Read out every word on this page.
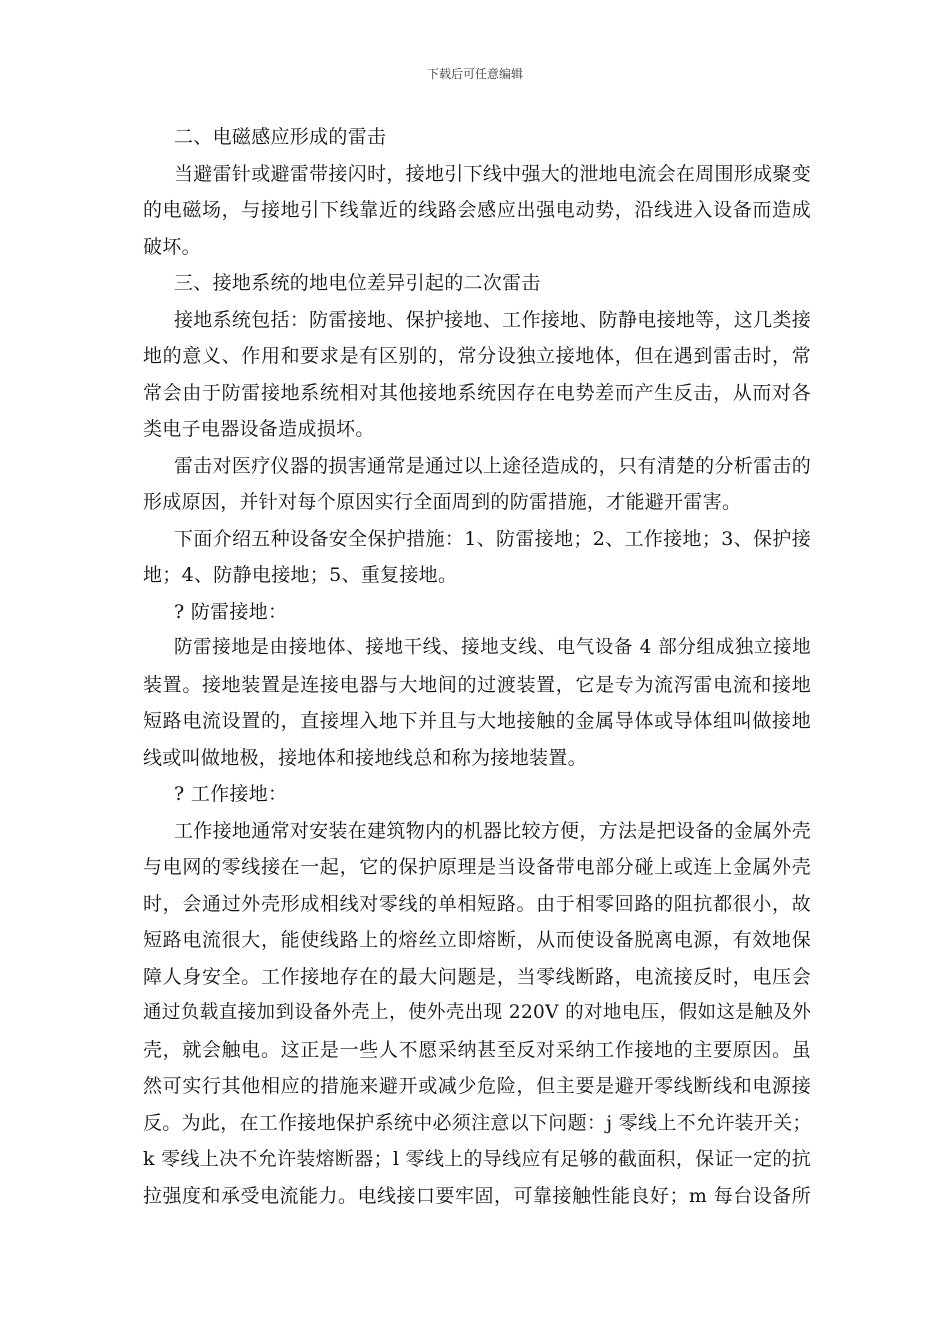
下载后可任意编辑
二、电磁感应形成的雷击
当避雷针或避雷带接闪时，接地引下线中强大的泄地电流会在周围形成聚变
的电磁场，与接地引下线靠近的线路会感应出强电动势，沿线进入设备而造成
破坏。
三、接地系统的地电位差异引起的二次雷击
接地系统包括：防雷接地、保护接地、工作接地、防静电接地等，这几类接
地的意义、作用和要求是有区别的，常分设独立接地体，但在遇到雷击时，常
常会由于防雷接地系统相对其他接地系统因存在电势差而产生反击，从而对各
类电子电器设备造成损坏。
雷击对医疗仪器的损害通常是通过以上途径造成的，只有清楚的分析雷击的
形成原因，并针对每个原因实行全面周到的防雷措施，才能避开雷害。
下面介绍五种设备安全保护措施：1、防雷接地；2、工作接地；3、保护接
地；4、防静电接地；5、重复接地。
? 防雷接地：
防雷接地是由接地体、接地干线、接地支线、电气设备 4 部分组成独立接地
装置。接地装置是连接电器与大地间的过渡装置，它是专为流泻雷电流和接地
短路电流设置的，直接埋入地下并且与大地接触的金属导体或导体组叫做接地
线或叫做地极，接地体和接地线总和称为接地装置。
? 工作接地：
工作接地通常对安装在建筑物内的机器比较方便，方法是把设备的金属外壳
与电网的零线接在一起，它的保护原理是当设备带电部分碰上或连上金属外壳
时，会通过外壳形成相线对零线的单相短路。由于相零回路的阻抗都很小，故
短路电流很大，能使线路上的熔丝立即熔断，从而使设备脱离电源，有效地保
障人身安全。工作接地存在的最大问题是，当零线断路，电流接反时，电压会
通过负载直接加到设备外壳上，使外壳出现 220V 的对地电压，假如这是触及外
壳，就会触电。这正是一些人不愿采纳甚至反对采纳工作接地的主要原因。虽
然可实行其他相应的措施来避开或减少危险，但主要是避开零线断线和电源接
反。为此，在工作接地保护系统中必须注意以下问题：j 零线上不允许装开关；
k 零线上决不允许装熔断器；l 零线上的导线应有足够的截面积，保证一定的抗
拉强度和承受电流能力。电线接口要牢固，可靠接触性能良好；m 每台设备所
